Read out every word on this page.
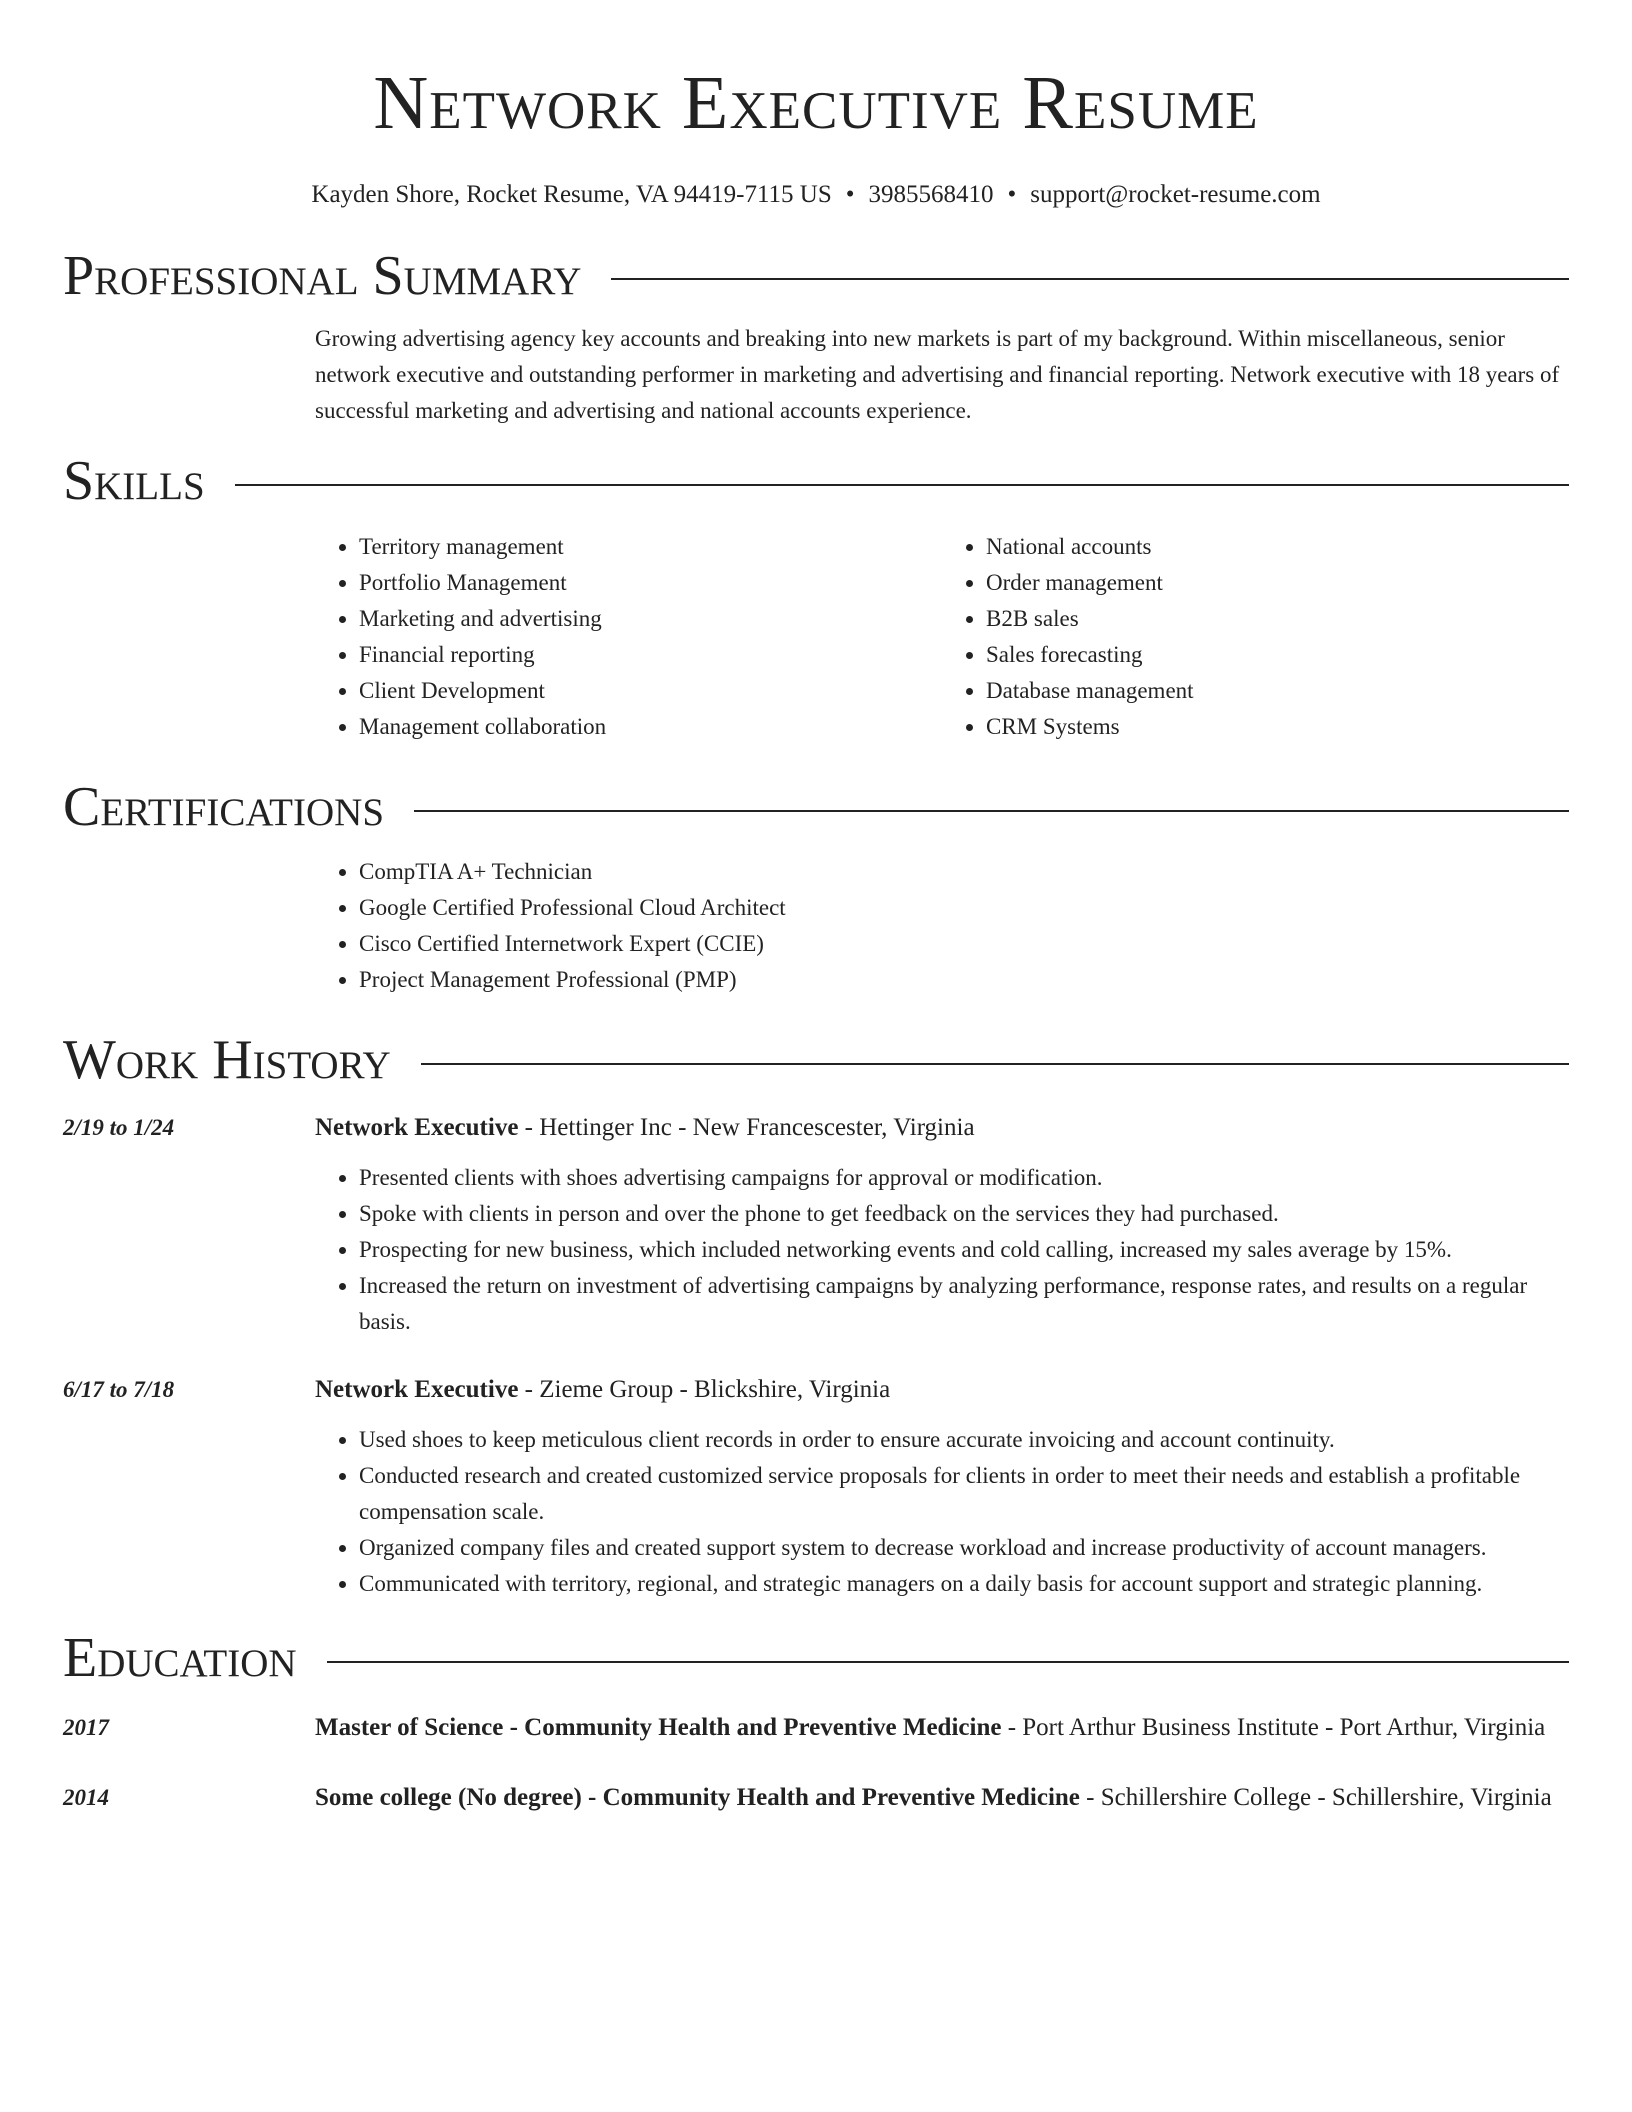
Network Executive Resume
Kayden Shore, Rocket Resume, VA 94419-7115 US • 3985568410 • support@rocket-resume.com
Professional Summary
Growing advertising agency key accounts and breaking into new markets is part of my background. Within miscellaneous, senior network executive and outstanding performer in marketing and advertising and financial reporting. Network executive with 18 years of successful marketing and advertising and national accounts experience.
Skills
• Territory management
• Portfolio Management
• Marketing and advertising
• Financial reporting
• Client Development
• Management collaboration
• National accounts
• Order management
• B2B sales
• Sales forecasting
• Database management
• CRM Systems
Certifications
• CompTIA A+ Technician
• Google Certified Professional Cloud Architect
• Cisco Certified Internetwork Expert (CCIE)
• Project Management Professional (PMP)
Work History
2/19 to 1/24	Network Executive - Hettinger Inc - New Francescester, Virginia
• Presented clients with shoes advertising campaigns for approval or modification.
• Spoke with clients in person and over the phone to get feedback on the services they had purchased.
• Prospecting for new business, which included networking events and cold calling, increased my sales average by 15%.
• Increased the return on investment of advertising campaigns by analyzing performance, response rates, and results on a regular basis.
6/17 to 7/18	Network Executive - Zieme Group - Blickshire, Virginia
• Used shoes to keep meticulous client records in order to ensure accurate invoicing and account continuity.
• Conducted research and created customized service proposals for clients in order to meet their needs and establish a profitable compensation scale.
• Organized company files and created support system to decrease workload and increase productivity of account managers.
• Communicated with territory, regional, and strategic managers on a daily basis for account support and strategic planning.
Education
2017	Master of Science - Community Health and Preventive Medicine - Port Arthur Business Institute - Port Arthur, Virginia
2014	Some college (No degree) - Community Health and Preventive Medicine - Schillershire College - Schillershire, Virginia
